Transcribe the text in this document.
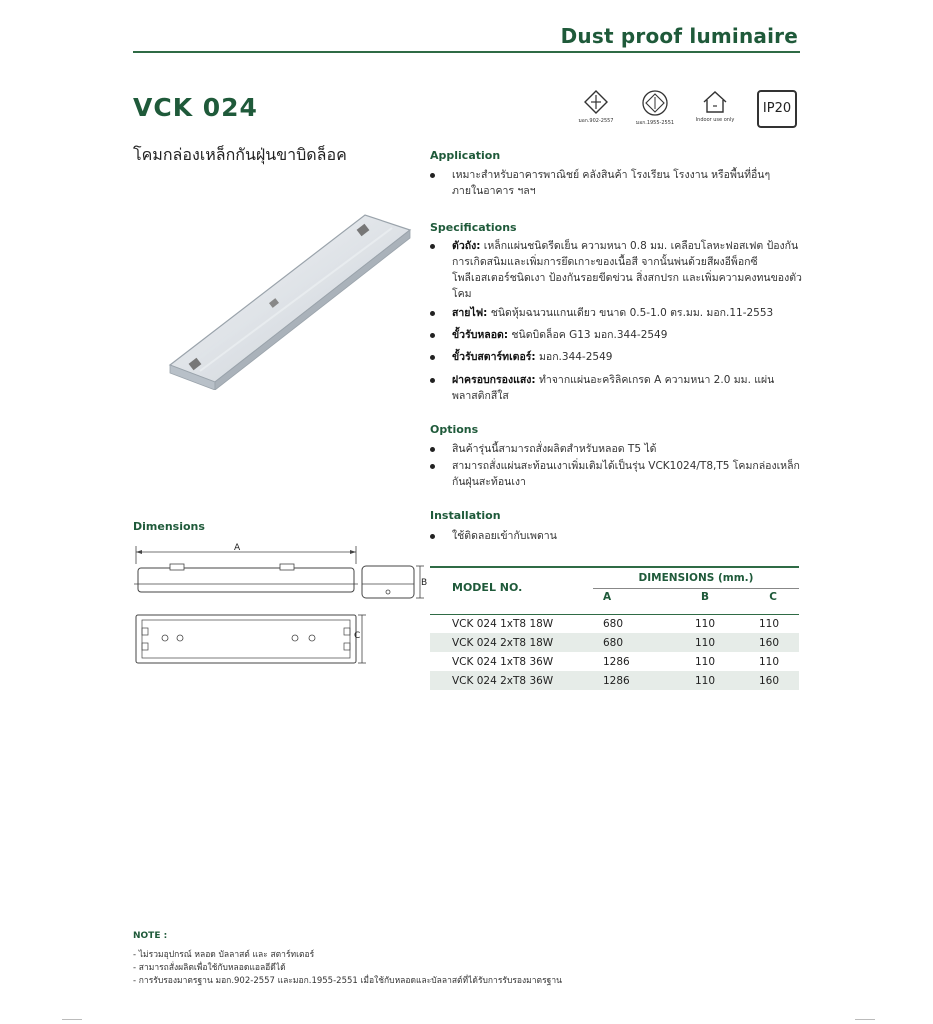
Dust proof luminaire
VCK 024
โคมกล่องเหล็กกันฝุ่นขาบิดล็อค
มอก.902-2557	มอก.1955-2551	Indoor use only
IP20
Application
เหมาะสำหรับอาคารพาณิชย์ คลังสินค้า โรงเรียน โรงงาน หรือพื้นที่อื่นๆ ภายในอาคาร ฯลฯ
Specifications
ตัวถัง: เหล็กแผ่นชนิดรีดเย็น ความหนา 0.8 มม. เคลือบโลหะฟอสเฟต ป้องกันการเกิดสนิมและเพิ่มการยึดเกาะของเนื้อสี จากนั้นพ่นด้วยสีผงอีพ็อกซีโพลีเอสเตอร์ชนิดเงา ป้องกันรอยขีดข่วน สิ่งสกปรก และเพิ่มความคงทนของตัวโคม
สายไฟ: ชนิดหุ้มฉนวนแกนเดียว ขนาด 0.5-1.0 ตร.มม. มอก.11-2553
ขั้วรับหลอด: ชนิดบิดล็อค G13 มอก.344-2549
ขั้วรับสตาร์ทเตอร์: มอก.344-2549
ฝาครอบกรองแสง: ทำจากแผ่นอะคริลิคเกรด A ความหนา 2.0 มม. แผ่นพลาสติกสีใส
Options
สินค้ารุ่นนี้สามารถสั่งผลิตสำหรับหลอด T5 ได้
สามารถสั่งแผ่นสะท้อนเงาเพิ่มเติมได้เป็นรุ่น VCK1024/T8,T5 โคมกล่องเหล็กกันฝุ่นสะท้อนเงา
Installation
ใช้ติดลอยเข้ากับเพดาน
Dimensions
A
B
C
MODEL NO.	DIMENSIONS (mm.)		
	A	B	C

VCK 024 1xT8 18W	680	110	110
VCK 024 2xT8 18W	680	110	160
VCK 024 1xT8 36W	1286	110	110
VCK 024 2xT8 36W	1286	110	160
NOTE :
- ไม่รวมอุปกรณ์ หลอด บัลลาสต์ และ สตาร์ทเตอร์
- สามารถสั่งผลิตเพื่อใช้กับหลอดแอลอีดีได้
- การรับรองมาตรฐาน มอก.902-2557 และมอก.1955-2551 เมื่อใช้กับหลอดและบัลลาสต์ที่ได้รับการรับรองมาตรฐาน
